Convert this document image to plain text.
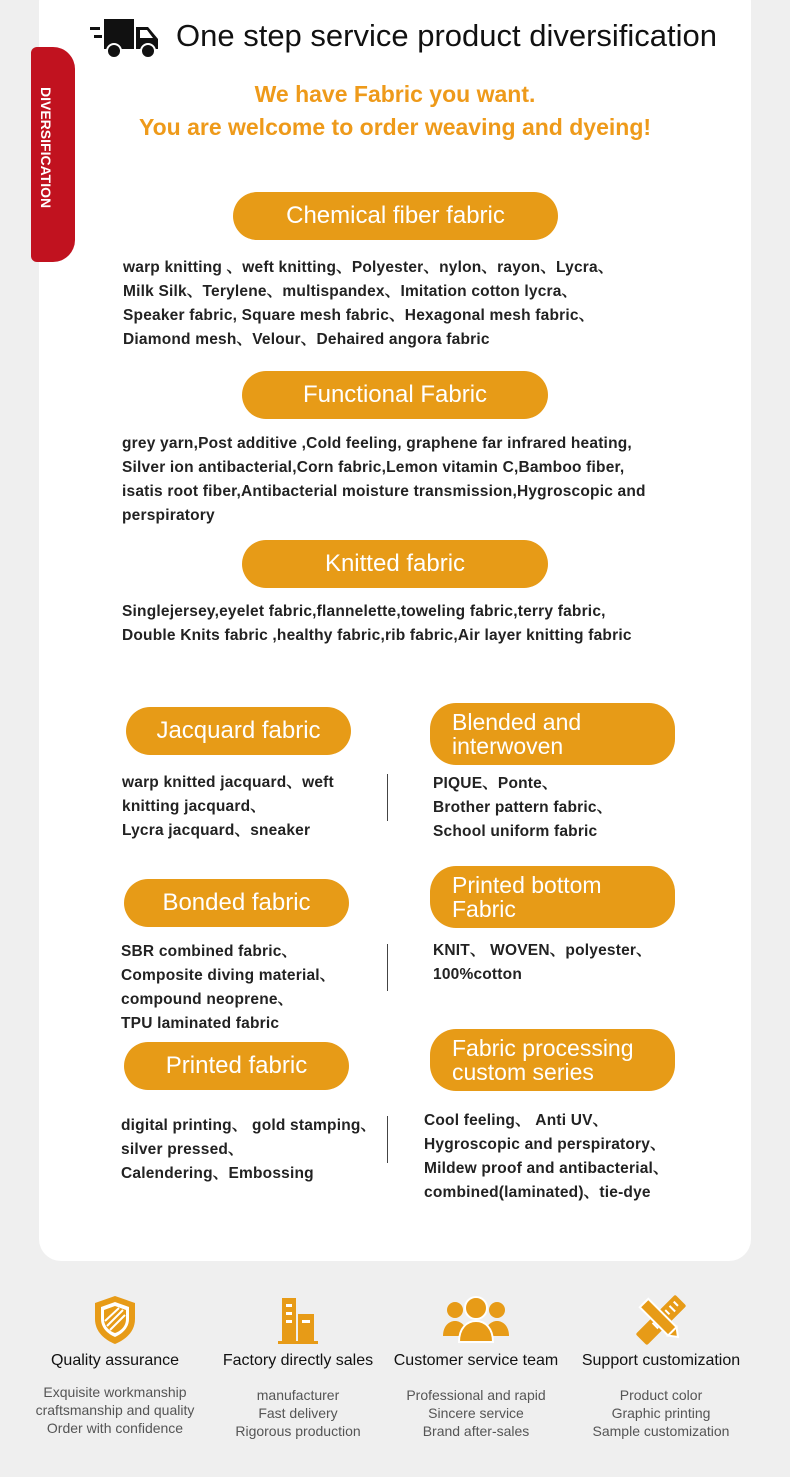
DIVERSIFICATION
One step service product diversification
We have Fabric you want.
You are welcome to order weaving and dyeing!
Chemical fiber fabric
warp knitting 、weft knitting、Polyester、nylon、rayon、Lycra、
Milk Silk、Terylene、multispandex、Imitation cotton lycra、
Speaker fabric, Square mesh fabric、Hexagonal mesh fabric、
Diamond mesh、Velour、Dehaired angora fabric
Functional Fabric
grey yarn,Post additive ,Cold feeling, graphene far infrared heating,
Silver ion antibacterial,Corn fabric,Lemon vitamin C,Bamboo fiber,
isatis root fiber,Antibacterial moisture transmission,Hygroscopic and
perspiratory
Knitted fabric
Singlejersey,eyelet fabric,flannelette,toweling fabric,terry fabric,
Double Knits fabric ,healthy fabric,rib fabric,Air layer knitting fabric
Jacquard fabric
warp knitted jacquard、weft
knitting jacquard、
Lycra jacquard、sneaker
Blended and
interwoven
PIQUE、Ponte、
Brother pattern fabric、
School uniform fabric
Bonded fabric
SBR combined fabric、
Composite diving material、
compound neoprene、
TPU laminated fabric
Printed bottom
Fabric
KNIT、 WOVEN、polyester、
100%cotton
Printed fabric
digital printing、 gold stamping、
silver pressed、
Calendering、Embossing
Fabric processing
custom series
Cool feeling、 Anti UV、
Hygroscopic and perspiratory、
Mildew proof and antibacterial、
combined(laminated)、tie-dye
Quality assurance
Exquisite workmanship
craftsmanship and quality
Order with confidence
Factory directly sales
manufacturer
Fast delivery
Rigorous production
Customer service team
Professional and rapid
Sincere service
Brand after-sales
Support customization
Product color
Graphic printing
Sample customization
